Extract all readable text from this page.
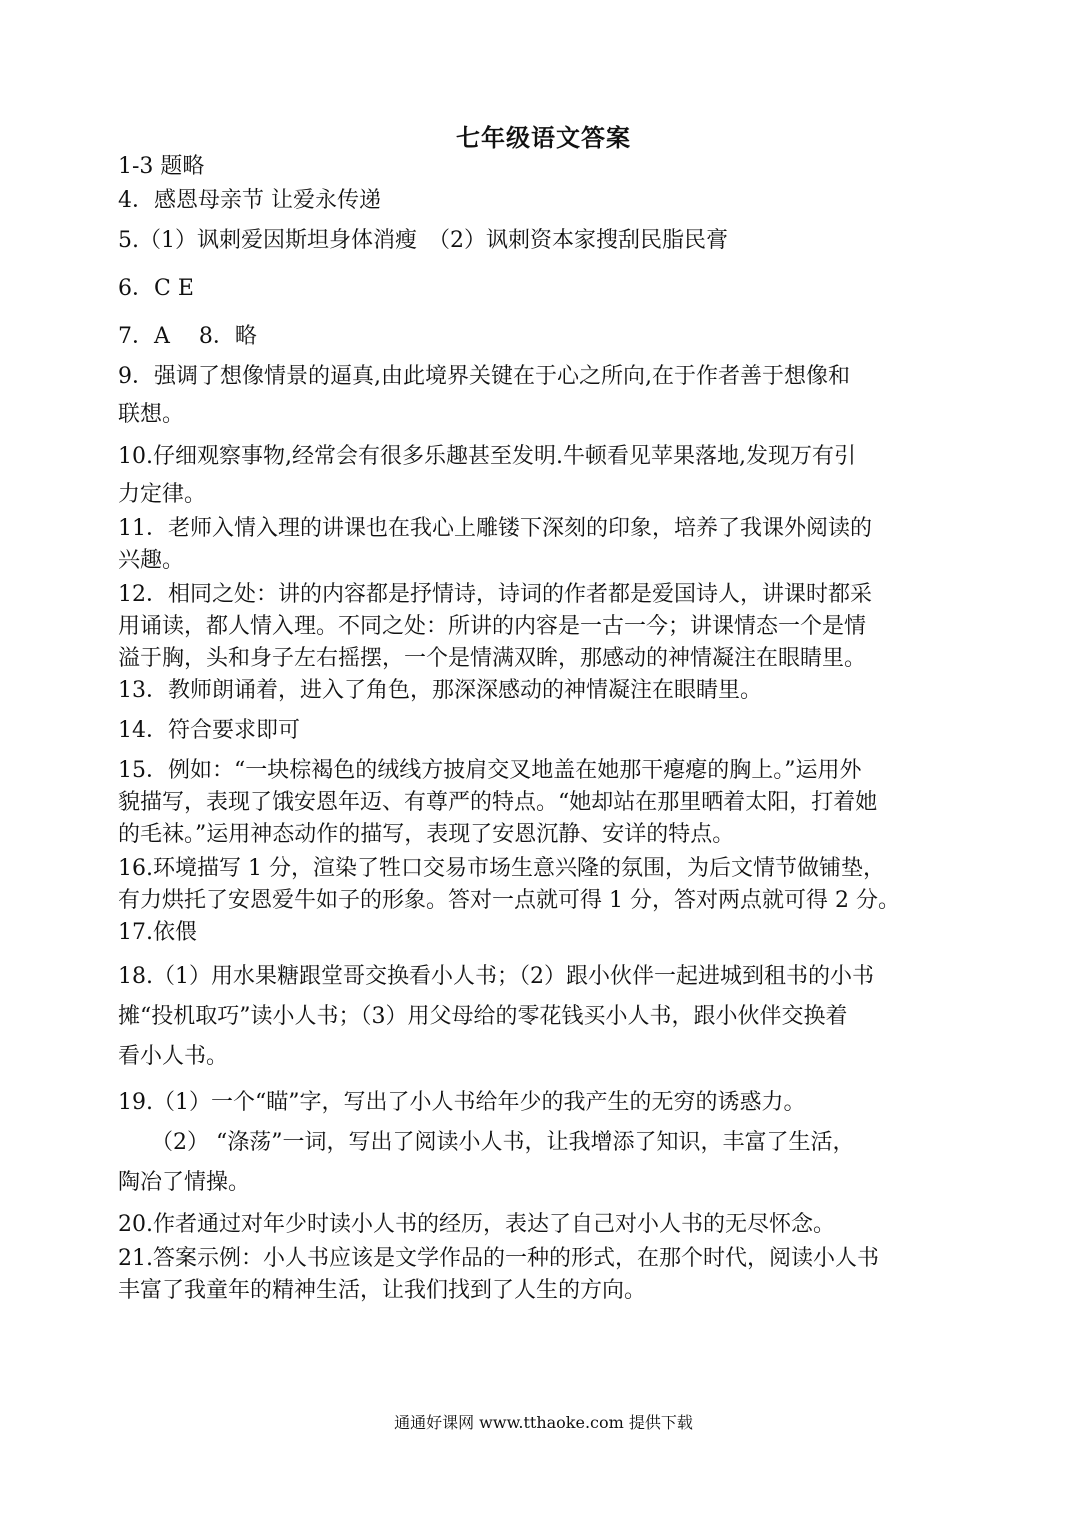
七年级语文答案
1-3 题略
4．感恩母亲节 让爱永传递
5.（1）讽刺爱因斯坦身体消瘦　（2）讽刺资本家搜刮民脂民膏
6．C E
7．A　 8．略
9．强调了想像情景的逼真,由此境界关键在于心之所向,在于作者善于想像和
联想。
10.仔细观察事物,经常会有很多乐趣甚至发明.牛顿看见苹果落地,发现万有引
力定律。
11．老师入情入理的讲课也在我心上雕镂下深刻的印象，培养了我课外阅读的
兴趣。
12．相同之处：讲的内容都是抒情诗，诗词的作者都是爱国诗人，讲课时都采
用诵读，都人情入理。不同之处：所讲的内容是一古一今；讲课情态一个是情
溢于胸，头和身子左右摇摆，一个是情满双眸，那感动的神情凝注在眼睛里。
13．教师朗诵着，进入了角色，那深深感动的神情凝注在眼睛里。
14．符合要求即可
15．例如：“一块棕褐色的绒线方披肩交叉地盖在她那干瘪瘪的胸上。”运用外
貌描写，表现了饿安恩年迈、有尊严的特点。“她却站在那里晒着太阳，打着她
的毛袜。”运用神态动作的描写，表现了安恩沉静、安详的特点。
16.环境描写 1 分，渲染了牲口交易市场生意兴隆的氛围，为后文情节做铺垫，
有力烘托了安恩爱牛如子的形象。答对一点就可得 1 分，答对两点就可得 2 分。
17.依偎
18.（1）用水果糖跟堂哥交换看小人书；（2）跟小伙伴一起进城到租书的小书
摊“投机取巧”读小人书；（3）用父母给的零花钱买小人书，跟小伙伴交换着
看小人书。
19.（1）一个“瞄”字，写出了小人书给年少的我产生的无穷的诱惑力。
　　（2） “涤荡”一词，写出了阅读小人书，让我增添了知识，丰富了生活，
陶冶了情操。
20.作者通过对年少时读小人书的经历，表达了自己对小人书的无尽怀念。
21.答案示例：小人书应该是文学作品的一种的形式，在那个时代，阅读小人书
丰富了我童年的精神生活，让我们找到了人生的方向。
通通好课网 www.tthaoke.com 提供下载
